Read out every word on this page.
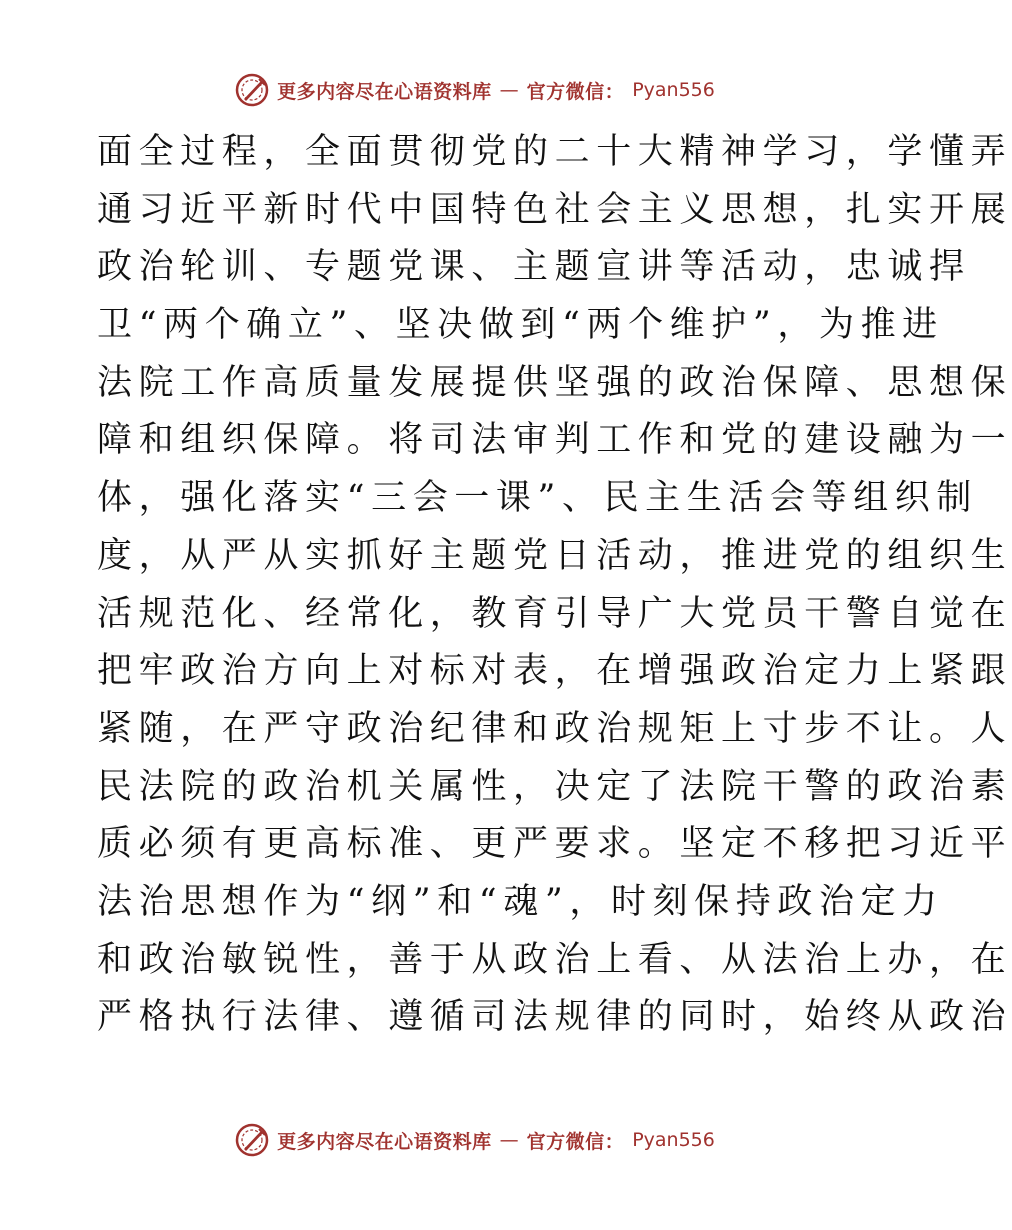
更多内容尽在心语资料库 — 官方微信： Pyan556
面全过程，全面贯彻党的二十大精神学习，学懂弄
通习近平新时代中国特色社会主义思想，扎实开展
政治轮训、专题党课、主题宣讲等活动，忠诚捍
卫“两个确立”、坚决做到“两个维护”，为推进
法院工作高质量发展提供坚强的政治保障、思想保
障和组织保障。将司法审判工作和党的建设融为一
体，强化落实“三会一课”、民主生活会等组织制
度，从严从实抓好主题党日活动，推进党的组织生
活规范化、经常化，教育引导广大党员干警自觉在
把牢政治方向上对标对表，在增强政治定力上紧跟
紧随，在严守政治纪律和政治规矩上寸步不让。人
民法院的政治机关属性，决定了法院干警的政治素
质必须有更高标准、更严要求。坚定不移把习近平
法治思想作为“纲”和“魂”，时刻保持政治定力
和政治敏锐性，善于从政治上看、从法治上办，在
严格执行法律、遵循司法规律的同时，始终从政治
更多内容尽在心语资料库 — 官方微信： Pyan556
